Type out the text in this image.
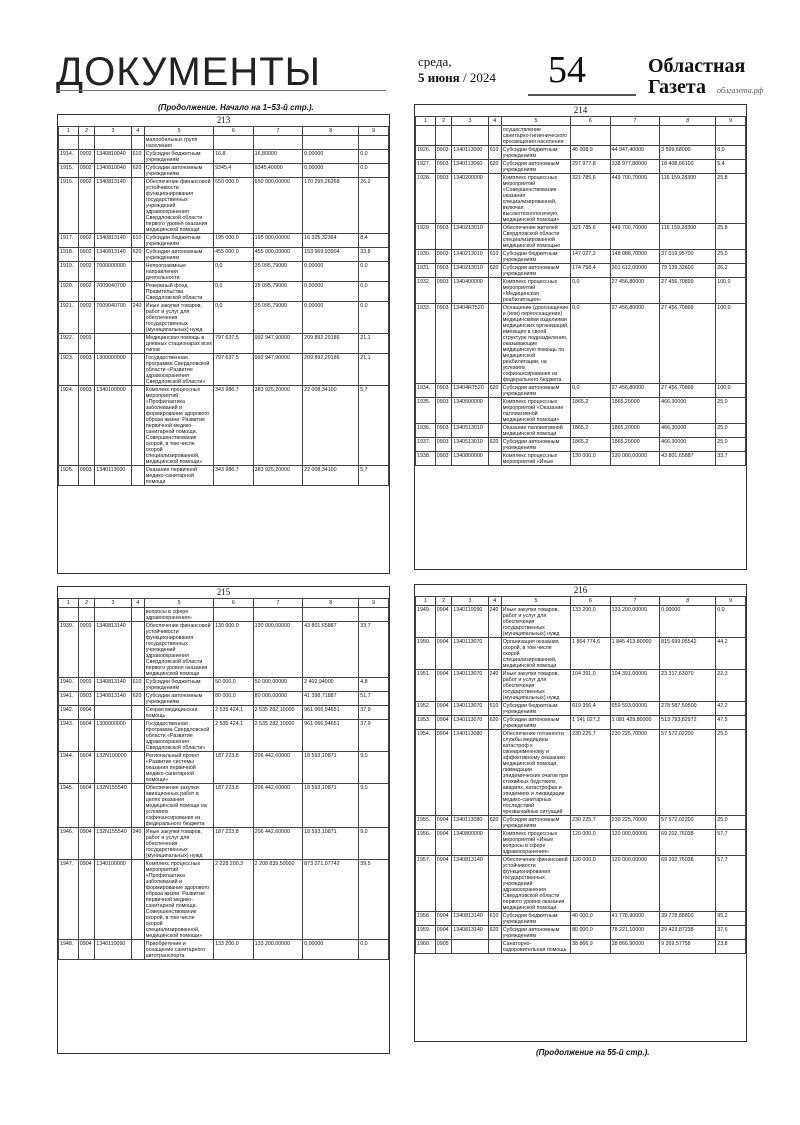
ДОКУМЕНТЫ	среда,
5 июня / 2024 54	Областная
Газета	облгазета.рф
(Продолжение. Начало на 1–53-й стр.).
213
1	2	3	4	5	6	7	8	9
				малообильных групп населения				
1914.	0902	1340810040	610	Субсидии бюджетным учреждениям	16,8	16,80000	0,00000	0,0
1915.	0902	1340810040	620	Субсидии автономным учреждениям	9345,4	9345,40000	0,00000	0,0
1916.	0902	1340813140		Обеспечение финансовой устойчивости функционирования государственных учреждений здравоохранения Свердловской области первого уровня оказания медицинской помощи	650 000,0	650 000,00000	170 295,26268	26,2
1917.	0902	1340813140	610	Субсидии бюджетным учреждениям	195 000,0	195 000,00000	16 325,32364	8,4
1918.	0902	1340813140	620	Субсидии автономным учреждениям	455 000,0	455 000,00000	153 969,93904	33,8
1919.	0902	7000000000		Непрограммные направления деятельности	0,0	35 095,79000	0,00000	0,0
1920.	0902	7009040700		Резервный фонд Правительства Свердловской области	0,0	35 095,79000	0,00000	0,0
1921.	0902	7009040700	240	Иные закупки товаров, работ и услуг для обеспечения государственных (муниципальных) нужд	0,0	35 095,79000	0,00000	0,0
1922.	0903			Медицинская помощь в дневных стационарах всех типов	797 637,5	992 947,90000	209 892,29186	21,1
1923.	0903	1300000000		Государственная программа Свердловской области «Развитие здравоохранения Свердловской области»	797 637,5	992 947,90000	209 892,29186	21,1
1924.	0903	1340100000		Комплекс процессных мероприятий «Профилактика заболеваний и формирование здорового образа жизни. Развитие первичной медико-санитарной помощи. Совершенствование скорой, в том числе скорой специализированной, медицинской помощи»	343 986,7	383 925,20000	22 008,34100	5,7
1925.	0903	1340113000		Оказание первичной медико-санитарной помощи	343 986,7	383 925,20000	22 008,34100	5,7
214
1	2	3	4	5	6	7	8	9
				осуществление санитарно-гигиенического просвещения населения				
1926.	0903	1340113000	610	Субсидии бюджетным учреждениям	46 008,9	44 947,40000	3 599,68000	8,0
1927.	0903	1340113060	620	Субсидии автономным учреждениям	297 977,8	338 977,80000	18 408,66100	5,4
1928.	0903	1340200000		Комплекс процессных мероприятий «Совершенствование оказания специализированной, включая высокотехнологичную, медицинской помощи»	321 785,6	449 700,70000	116 159,28300	25,8
1929.	0903	1340213010		Обеспечение жителей Свердловской области специализированной медицинской помощью	321 785,6	449 700,70000	116 159,28300	25,8
1930.	0903	1340213010	610	Субсидии бюджетным учреждениям	147 027,2	148 088,70000	37 019,95700	25,0
1931.	0903	1340213010	620	Субсидии автономным учреждениям	174 758,4	301 612,00000	79 139,32600	26,2
1932.	0903	1340400000		Комплекс процессных мероприятий «Медицинская реабилитация»	0,0	27 456,80000	27 456,70899	100,0
1933.	0903	13404R7520		Оснащение (дооснащение и (или) переоснащение) медицинскими изделиями медицинских организаций, имеющих в своей структуре подразделения, оказывающие медицинскую помощь по медицинской реабилитации, на условиях софинансирования из федерального бюджета	0,0	27 456,80000	27 456,70899	100,0
1934.	0903	13404R7520	620	Субсидии автономным учреждениям	0,0	27 456,80000	27 456,70899	100,0
1935.	0903	1340500000		Комплекс процессных мероприятий «Оказание паллиативной медицинской помощи»	1865,2	1865,20000	466,30000	25,0
1936.	0903	1340513010		Оказание паллиативной медицинской помощи	1865,2	1865,20000	466,30000	25,0
1937.	0903	1340513010	620	Субсидии автономным учреждениям	1865,2	1865,20000	466,30000	25,0
1938.	0903	1340800000		Комплекс процессных мероприятий «Иные	130 000,0	130 000,00000	43 801,65887	33,7
215
1	2	3	4	5	6	7	8	9
				вопросы в сфере здравоохранения»				
1939.	0903	1340813140		Обеспечение финансовой устойчивости функционирования государственных учреждений здравоохранения Свердловской области первого уровня оказания медицинской помощи	130 000,0	130 000,00000	43 801,65887	33,7
1940.	0903	1340813140	610	Субсидии бюджетным учреждениям	50 000,0	50 000,00000	2 402,94000	4,8
1941.	0903	1340813140	620	Субсидии автономным учреждениям	80 000,0	80 000,00000	41 398,71887	51,7
1942.	0904			Скорая медицинская помощь	2 535 424,1	2 535 282,10000	961 066,94651	37,9
1943.	0904	1300000000		Государственная программа Свердловской области «Развитие здравоохранения Свердловской области»	2 535 424,1	2 535 282,10000	961 066,94651	37,9
1944.	0904	132N100000		Региональный проект «Развитие системы оказания первичной медико-санитарной помощи»	187 223,8	206 442,60000	18 593,10871	9,0
1945.	0904	132N155540		Обеспечение закупки авиационных работ в целях оказания медицинской помощи на условиях софинансирования из федерального бюджета	187 223,8	206 442,60000	18 593,10871	9,0
1946.	0904	132N155540	240	Иные закупки товаров, работ и услуг для обеспечения государственных (муниципальных) нужд	187 223,8	206 442,60000	18 593,10871	9,0
1947.	0904	1340100000		Комплекс процессных мероприятий «Профилактика заболеваний и формирование здорового образа жизни. Развитие первичной медико-санитарной помощи. Совершенствование скорой, в том числе скорой специализированной, медицинской помощи»	2 228 200,3	2 208 839,50000	873 271,07742	39,5
1948.	0904	1340110090		Приобретение и оснащение санитарного автотранспорта	133 200,0	133 200,00000	0,00000	0,0
216
1	2	3	4	5	6	7	8	9
1949.	0904	1340110090	240	Иные закупки товаров, работ и услуг для обеспечения государственных (муниципальных) нужд	133 200,0	133 200,00000	0,00000	0,0
1950.	0904	1340113070		Организация оказания скорой, в том числе скорой специализированной, медицинской помощи	1 864 774,6	1 845 413,80000	815 699,05542	44,2
1951.	0904	1340113070	240	Иные закупки товаров, работ и услуг для обеспечения государственных (муниципальных) нужд	104 391,0	104 391,00000	23 317,63070	22,3
1952.	0904	1340113070	610	Субсидии бюджетным учреждениям	619 356,4	659 593,00000	278 587,59500	42,2
1953.	0904	1340113070	620	Субсидии автономным учреждениям	1 141 027,2	1 081 429,80000	513 793,82972	47,5
1954.	0904	1340113080		Обеспечение готовности службы медицины катастроф к своевременному и эффективному оказанию медицинской помощи, ликвидации эпидемических очагов при стихийных бедствиях, авариях, катастрофах и эпидемиях и ликвидации медико-санитарных последствий чрезвычайных ситуаций	230 225,7	230 225,70000	57 572,02200	25,0
1955.	0904	1340113080	620	Субсидии автономным учреждениям	230 225,7	230 225,70000	57 572,02200	25,0
1956.	0904	1340800000		Комплекс процессных мероприятий «Иные вопросы в сфере здравоохранения»	120 000,0	120 000,00000	69 202,76038	57,7
1957.	0904	1340813140		Обеспечение финансовой устойчивости функционирования государственных учреждений здравоохранения Свердловской области первого уровня оказания медицинской помощи	120 000,0	120 000,00000	69 202,76038	57,7
1958.	0904	1340813140	610	Субсидии бюджетным учреждениям	40 000,0	41 778,90000	39 778,88800	95,2
1959.	0904	1340813140	620	Субсидии автономным учреждениям	80 000,0	78 221,10000	29 423,87238	37,6
1960.	0905			Санаторно-оздоровительная помощь	38 866,9	38 866,90000	9 269,57758	23,8
(Продолжение на 55-й стр.).
